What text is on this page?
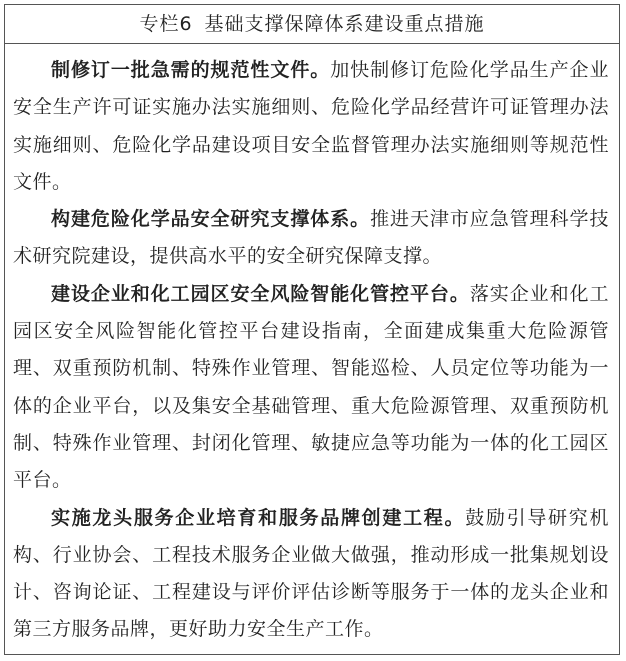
专栏6 基础支撑保障体系建设重点措施

制修订一批急需的规范性文件。加快制修订危险化学品生产企业安全生产许可证实施办法实施细则、危险化学品经营许可证管理办法实施细则、危险化学品建设项目安全监督管理办法实施细则等规范性文件。

构建危险化学品安全研究支撑体系。推进天津市应急管理科学技术研究院建设，提供高水平的安全研究保障支撑。

建设企业和化工园区安全风险智能化管控平台。落实企业和化工园区安全风险智能化管控平台建设指南，全面建成集重大危险源管理、双重预防机制、特殊作业管理、智能巡检、人员定位等功能为一体的企业平台，以及集安全基础管理、重大危险源管理、双重预防机制、特殊作业管理、封闭化管理、敏捷应急等功能为一体的化工园区平台。

实施龙头服务企业培育和服务品牌创建工程。鼓励引导研究机构、行业协会、工程技术服务企业做大做强，推动形成一批集规划设计、咨询论证、工程建设与评价评估诊断等服务于一体的龙头企业和第三方服务品牌，更好助力安全生产工作。
